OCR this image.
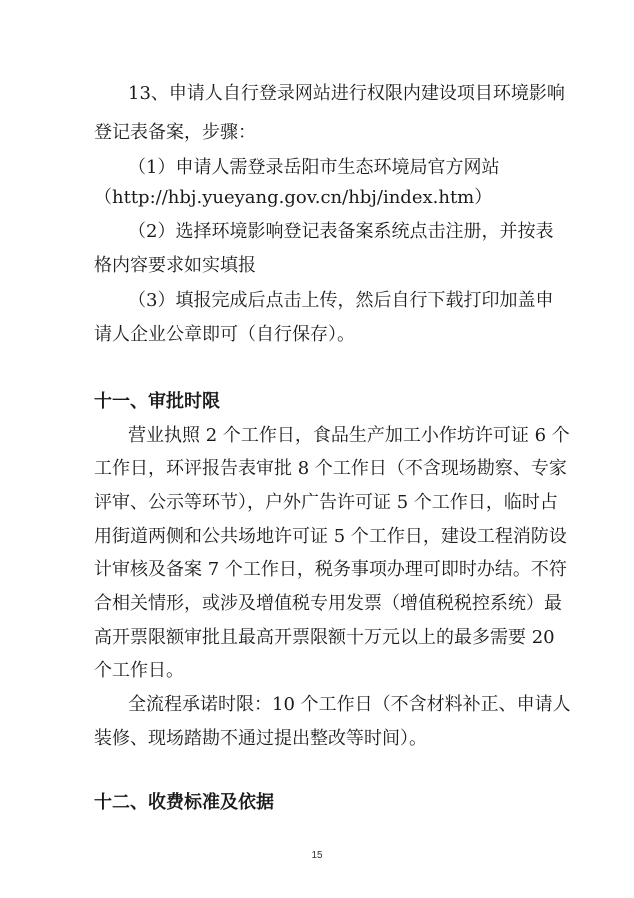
13、申请人自行登录网站进行权限内建设项目环境影响
登记表备案，步骤：
（1）申请人需登录岳阳市生态环境局官方网站
（http://hbj.yueyang.gov.cn/hbj/index.htm）
（2）选择环境影响登记表备案系统点击注册，并按表
格内容要求如实填报
（3）填报完成后点击上传，然后自行下载打印加盖申
请人企业公章即可（自行保存）。
十一、审批时限
营业执照 2 个工作日，食品生产加工小作坊许可证 6 个
工作日，环评报告表审批 8 个工作日（不含现场勘察、专家
评审、公示等环节），户外广告许可证 5 个工作日，临时占
用街道两侧和公共场地许可证 5 个工作日，建设工程消防设
计审核及备案 7 个工作日，税务事项办理可即时办结。不符
合相关情形，或涉及增值税专用发票（增值税税控系统）最
高开票限额审批且最高开票限额十万元以上的最多需要 20
个工作日。
全流程承诺时限：10 个工作日（不含材料补正、申请人
装修、现场踏勘不通过提出整改等时间）。
十二、收费标准及依据
15
